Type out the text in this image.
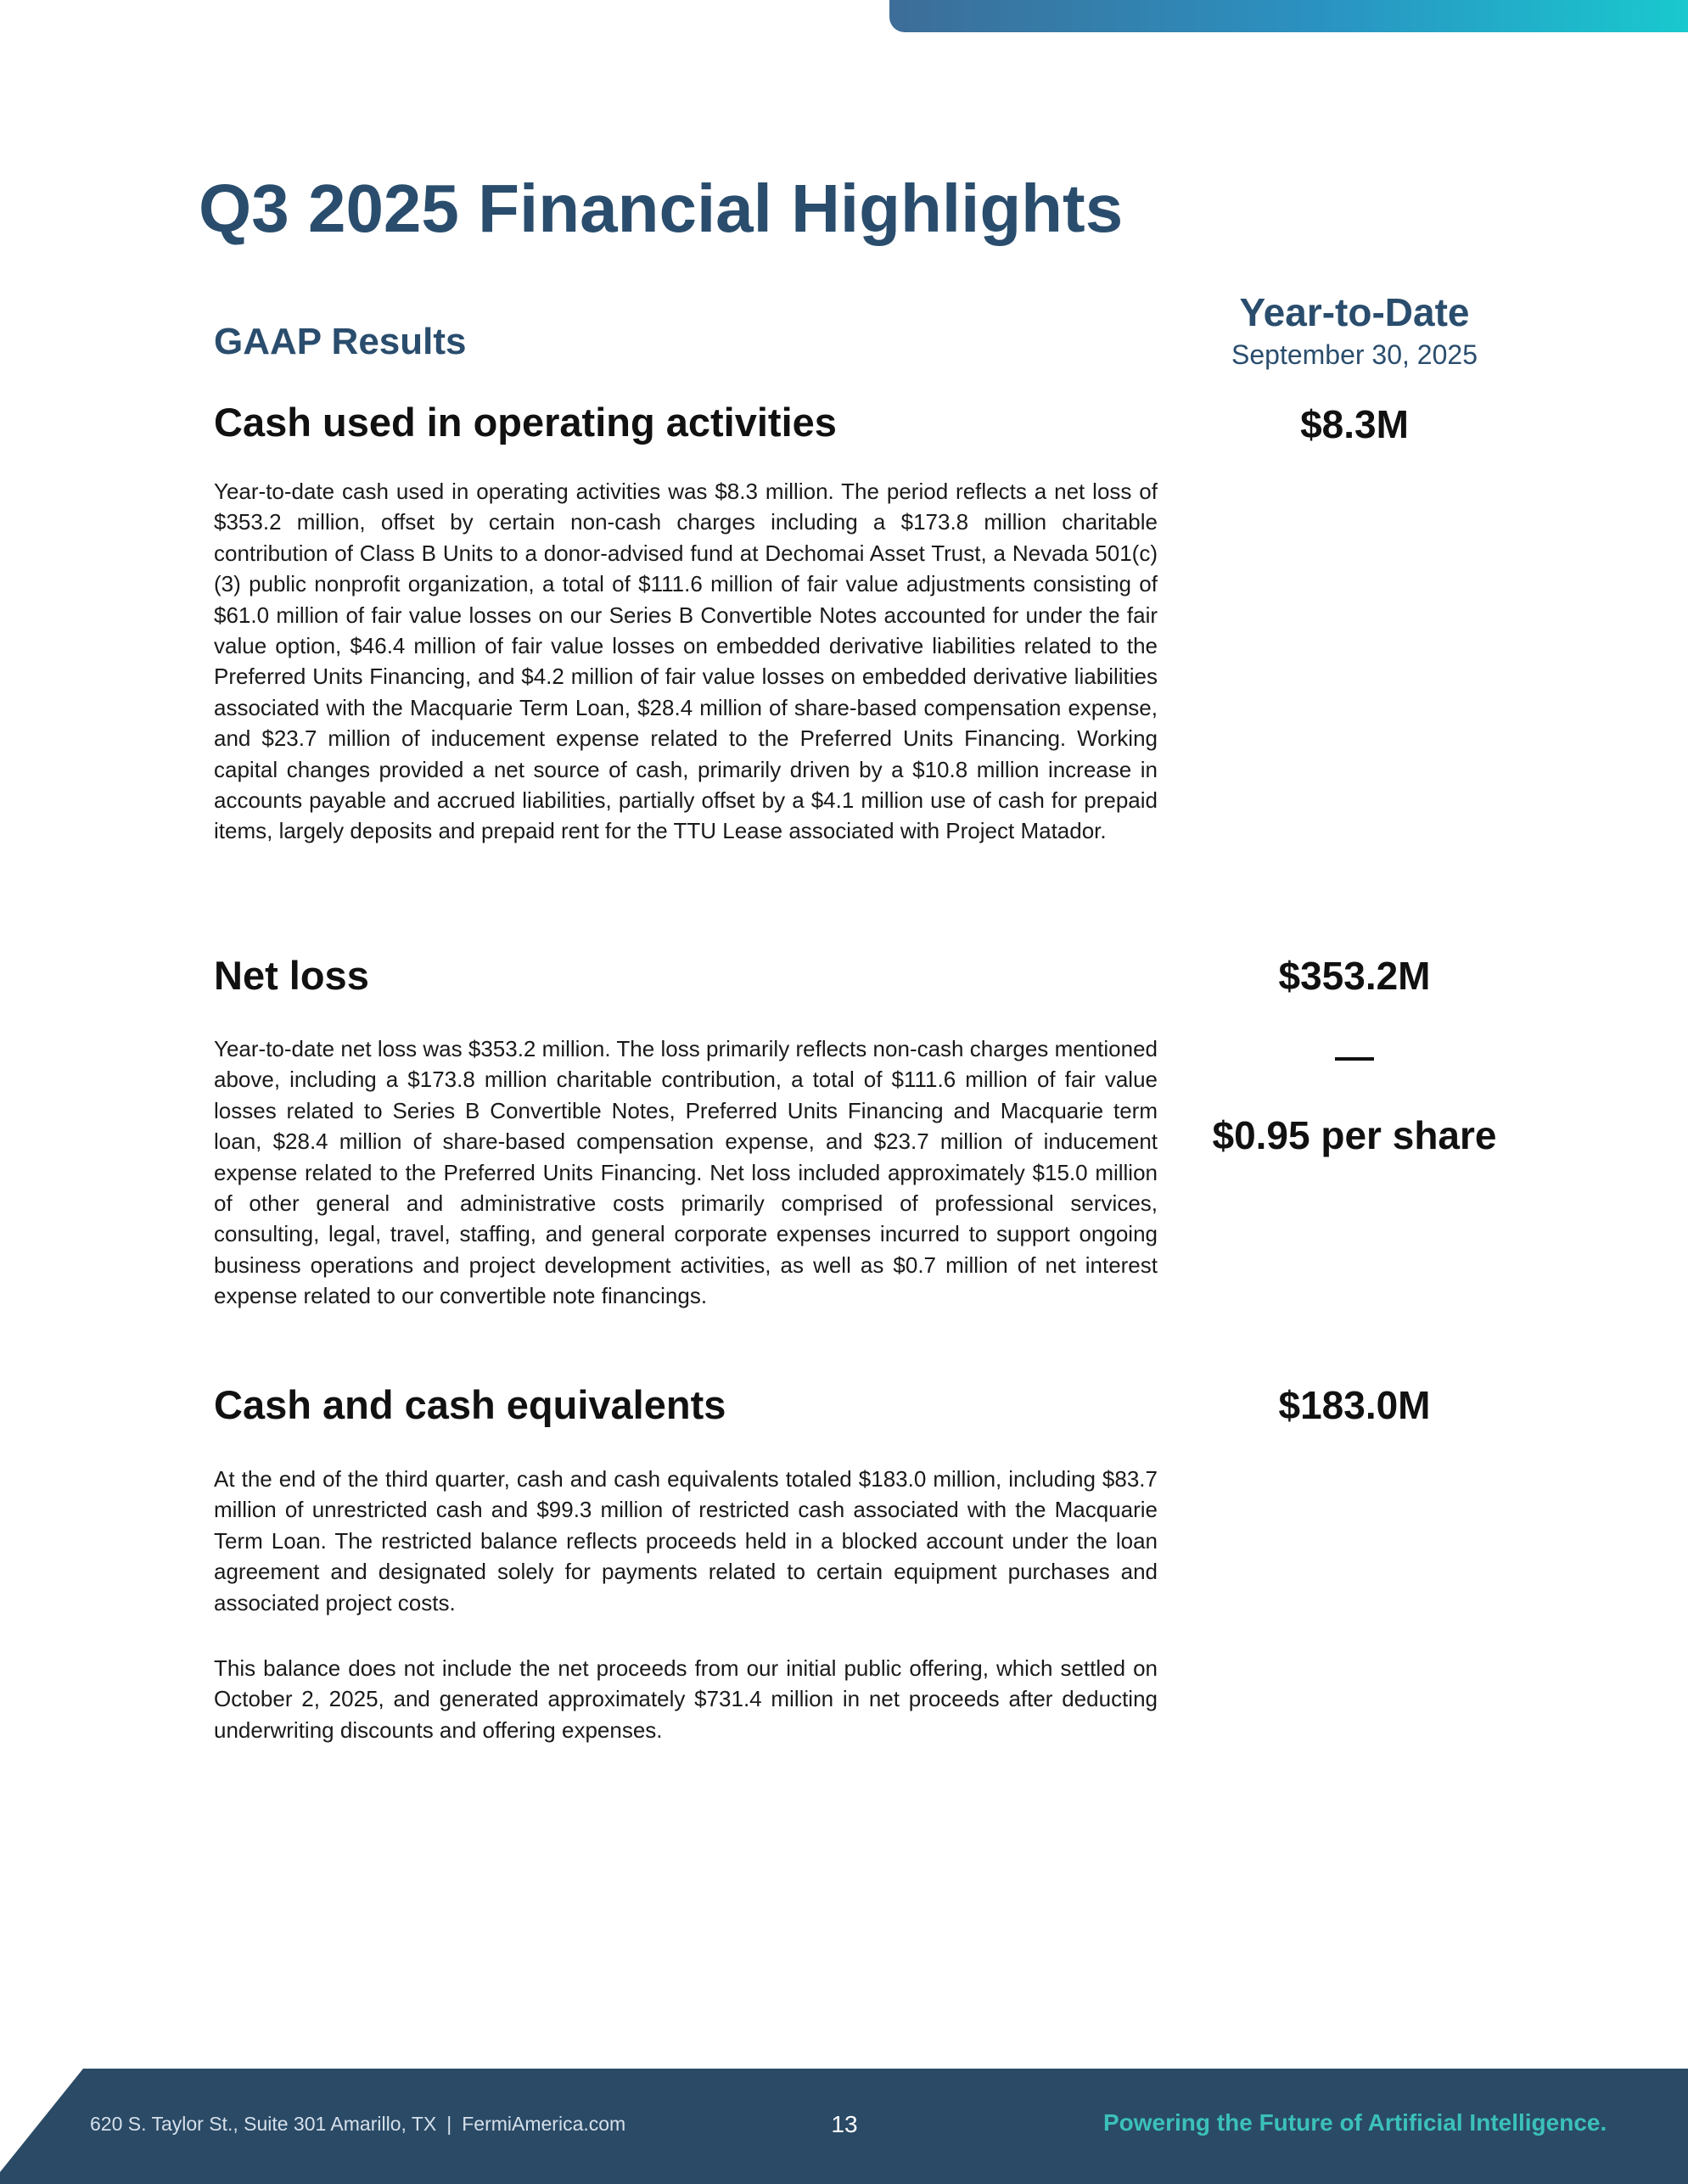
Q3 2025 Financial Highlights
GAAP Results
Year-to-Date
September 30, 2025
Cash used in operating activities	$8.3M

Year-to-date cash used in operating activities was $8.3 million. The period reflects a net loss of $353.2 million, offset by certain non-cash charges including a $173.8 million charitable contribution of Class B Units to a donor-advised fund at Dechomai Asset Trust, a Nevada 501(c)(3) public nonprofit organization, a total of $111.6 million of fair value adjustments consisting of $61.0 million of fair value losses on our Series B Convertible Notes accounted for under the fair value option, $46.4 million of fair value losses on embedded derivative liabilities related to the Preferred Units Financing, and $4.2 million of fair value losses on embedded derivative liabilities associated with the Macquarie Term Loan, $28.4 million of share-based compensation expense, and $23.7 million of inducement expense related to the Preferred Units Financing. Working capital changes provided a net source of cash, primarily driven by a $10.8 million increase in accounts payable and accrued liabilities, partially offset by a $4.1 million use of cash for prepaid items, largely deposits and prepaid rent for the TTU Lease associated with Project Matador.

Net loss	$353.2M
$0.95 per share

Year-to-date net loss was $353.2 million. The loss primarily reflects non-cash charges mentioned above, including a $173.8 million charitable contribution, a total of $111.6 million of fair value losses related to Series B Convertible Notes, Preferred Units Financing and Macquarie term loan, $28.4 million of share-based compensation expense, and $23.7 million of inducement expense related to the Preferred Units Financing. Net loss included approximately $15.0 million of other general and administrative costs primarily comprised of professional services, consulting, legal, travel, staffing, and general corporate expenses incurred to support ongoing business operations and project development activities, as well as $0.7 million of net interest expense related to our convertible note financings.

Cash and cash equivalents	$183.0M

At the end of the third quarter, cash and cash equivalents totaled $183.0 million, including $83.7 million of unrestricted cash and $99.3 million of restricted cash associated with the Macquarie Term Loan. The restricted balance reflects proceeds held in a blocked account under the loan agreement and designated solely for payments related to certain equipment purchases and associated project costs.

This balance does not include the net proceeds from our initial public offering, which settled on October 2, 2025, and generated approximately $731.4 million in net proceeds after deducting underwriting discounts and offering expenses.

620 S. Taylor St., Suite 301 Amarillo, TX | FermiAmerica.com	13	Powering the Future of Artificial Intelligence.
